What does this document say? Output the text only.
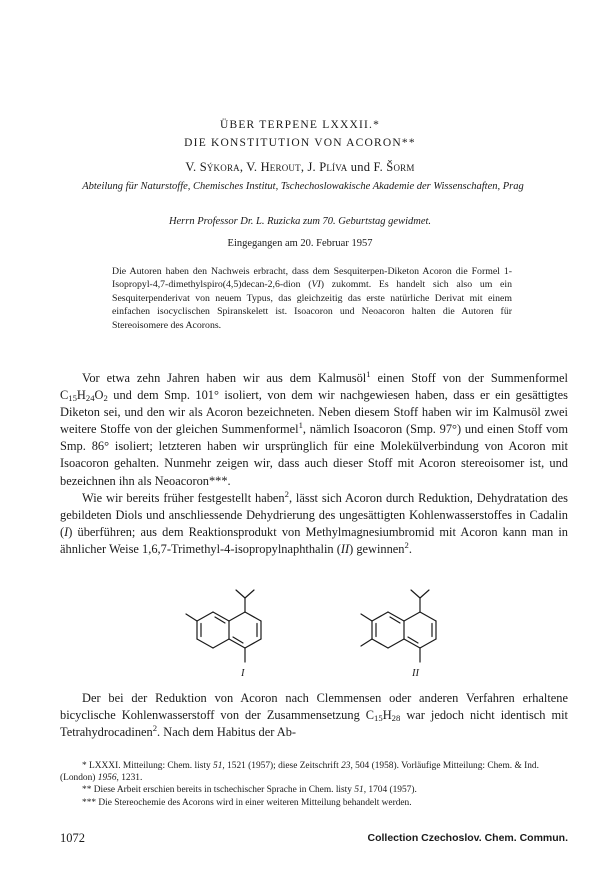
ÜBER TERPENE LXXXII.*
DIE KONSTITUTION VON ACORON**
V. Sýkora, V. Herout, J. Plíva und F. Šorm
Abteilung für Naturstoffe, Chemisches Institut, Tschechoslowakische Akademie der Wissenschaften, Prag
Herrn Professor Dr. L. Ruzicka zum 70. Geburtstag gewidmet.
Eingegangen am 20. Februar 1957
Die Autoren haben den Nachweis erbracht, dass dem Sesquiterpen-Diketon Acoron die Formel 1-Isopropyl-4,7-dimethylspiro(4,5)decan-2,6-dion (VI) zukommt. Es handelt sich also um ein Sesquiterpenderivat von neuem Typus, das gleichzeitig das erste natürliche Derivat mit einem einfachen isocyclischen Spiranskelett ist. Isoacoron und Neoacoron halten die Autoren für Stereoisomere des Acorons.

Vor etwa zehn Jahren haben wir aus dem Kalmusöl$^1$ einen Stoff von der Summenformel $C_{15}H_{24}O_2$ und dem Smp. 101° isoliert, von dem wir nachgewiesen haben, dass er ein gesättigtes Diketon sei, und den wir als Acoron bezeichneten. Neben diesem Stoff haben wir im Kalmusöl zwei weitere Stoffe von der gleichen Summenformel$^1$, nämlich Isoacoron (Smp. 97°) und einen Stoff vom Smp. 86° isoliert; letzteren haben wir ursprünglich für eine Molekülverbindung von Acoron mit Isoacoron gehalten. Nunmehr zeigen wir, dass auch dieser Stoff mit Acoron stereoisomer ist, und bezeichnen ihn als Neoacoron***.

Wie wir bereits früher festgestellt haben$^2$, lässt sich Acoron durch Reduktion, Dehydratation des gebildeten Diols und anschliessende Dehydrierung des ungesättigten Kohlenwasserstoffes in Cadalin (I) überführen; aus dem Reaktionsprodukt von Methylmagnesiumbromid mit Acoron kann man in ähnlicher Weise 1,6,7-Trimethyl-4-isopropylnaphthalin (II) gewinnen$^2$.

I	II

Der bei der Reduktion von Acoron nach Clemmensen oder anderen Verfahren erhaltene bicyclische Kohlenwasserstoff von der Zusammensetzung $C_{15}H_{28}$ war jedoch nicht identisch mit Tetrahydrocadinen$^2$. Nach dem Habitus der Ab-

* LXXXI. Mitteilung: Chem. listy 51, 1521 (1957); diese Zeitschrift 23, 504 (1958). Vorläufige Mitteilung: Chem. & Ind. (London) 1956, 1231.

** Diese Arbeit erschien bereits in tschechischer Sprache in Chem. listy 51, 1704 (1957).

*** Die Stereochemie des Acorons wird in einer weiteren Mitteilung behandelt werden.

1072	Collection Czechoslov. Chem. Commun.
